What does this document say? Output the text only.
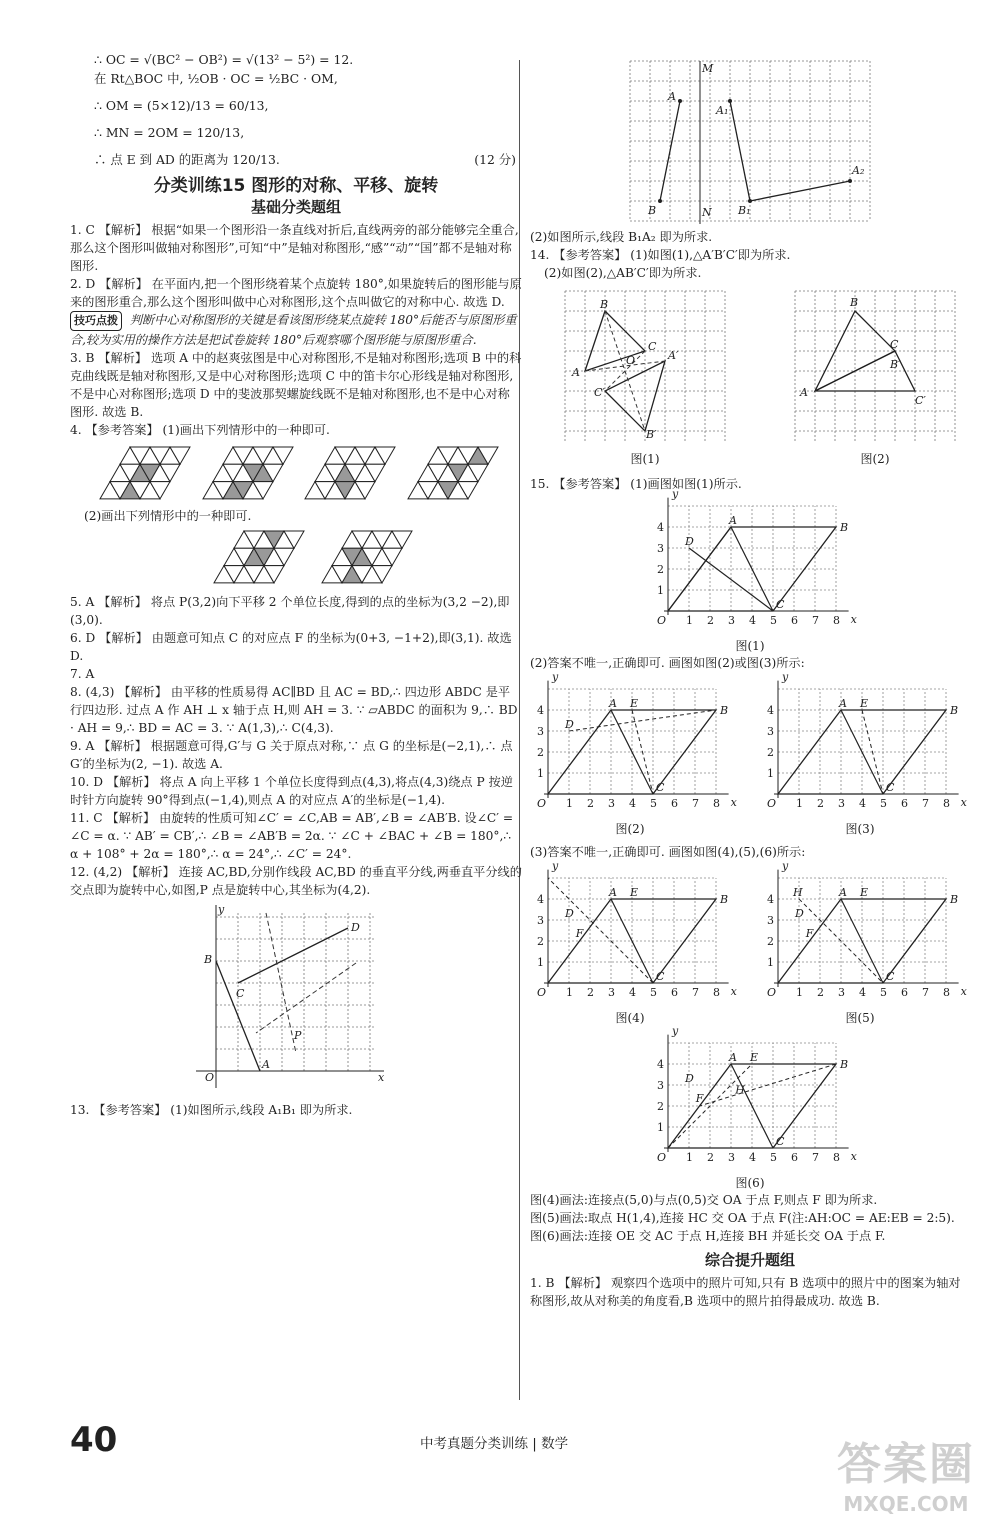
∴ OC = √(BC² − OB²) = √(13² − 5²) = 12.

在 Rt△BOC 中, ½OB · OC = ½BC · OM,

∴ OM = (5×12)/13 = 60/13,

∴ MN = 2OM = 120/13,

∴ 点 E 到 AD 的距离为 120/13.	(12 分)

分类训练15 图形的对称、平移、旋转

基础分类题组

1. C 【解析】 根据“如果一个图形沿一条直线对折后,直线两旁的部分能够完全重合,那么这个图形叫做轴对称图形”,可知“中”是轴对称图形,“感”“动”“国”都不是轴对称图形.

2. D 【解析】 在平面内,把一个图形绕着某个点旋转 180°,如果旋转后的图形能与原来的图形重合,那么这个图形叫做中心对称图形,这个点叫做它的对称中心. 故选 D.

技巧点拨 判断中心对称图形的关键是看该图形绕某点旋转 180°后能否与原图形重合,较为实用的操作方法是把试卷旋转 180°后观察哪个图形能与原图形重合.

3. B 【解析】 选项 A 中的赵爽弦图是中心对称图形,不是轴对称图形;选项 B 中的科克曲线既是轴对称图形,又是中心对称图形;选项 C 中的笛卡尔心形线是轴对称图形,不是中心对称图形;选项 D 中的斐波那契螺旋线既不是轴对称图形,也不是中心对称图形. 故选 B.

4. 【参考答案】 (1)画出下列情形中的一种即可.

(2)画出下列情形中的一种即可.

5. A 【解析】 将点 P(3,2)向下平移 2 个单位长度,得到的点的坐标为(3,2 −2),即(3,0).

6. D 【解析】 由题意可知点 C 的对应点 F 的坐标为(0+3, −1+2),即(3,1). 故选 D.

7. A

8. (4,3) 【解析】 由平移的性质易得 AC∥BD 且 AC = BD,∴ 四边形 ABDC 是平行四边形. 过点 A 作 AH ⊥ x 轴于点 H,则 AH = 3. ∵ ▱ABDC 的面积为 9,∴ BD · AH = 9,∴ BD = AC = 3. ∵ A(1,3),∴ C(4,3).

9. A 【解析】 根据题意可得,G′与 G 关于原点对称,∵ 点 G 的坐标是(−2,1),∴ 点 G′的坐标为(2, −1). 故选 A.

10. D 【解析】 将点 A 向上平移 1 个单位长度得到点(4,3),将点(4,3)绕点 P 按逆时针方向旋转 90°得到点(−1,4),则点 A 的对应点 A′的坐标是(−1,4).

11. C 【解析】 由旋转的性质可知∠C′ = ∠C,AB = AB′,∠B = ∠AB′B. 设∠C′ = ∠C = α. ∵ AB′ = CB′,∴ ∠B = ∠AB′B = 2α. ∵ ∠C + ∠BAC + ∠B = 180°,∴ α + 108° + 2α = 180°,∴ α = 24°,∴ ∠C′ = 24°.

12. (4,2) 【解析】 连接 AC,BD,分别作线段 AC,BD 的垂直平分线,两垂直平分线的交点即为旋转中心,如图,P 点是旋转中心,其坐标为(4,2).

y
x
B
C
D
A
P
O

13. 【参考答案】 (1)如图所示,线段 A₁B₁ 即为所求.

A
B
M
N
A₁
B₁
A₂

(2)如图所示,线段 B₁A₂ 即为所求.

14. 【参考答案】 (1)如图(1),△A′B′C′即为所求.

(2)如图(2),△AB′C′即为所求.

B
C
A
O	A′
C′
B′

图(1)

B
C
B′
A
C′

图(2)

15. 【参考答案】 (1)画图如图(1)所示.

1 2 3 4 5 6 7 8
1
2
3
4
O	x
y
A
B
C
D

图(1)

(2)答案不唯一,正确即可. 画图如图(2)或图(3)所示:

1 2 3 4 5 6 7 8
1
2
3
4
O	x
y
A
B
C
D
E

图(2)

1 2 3 4 5 6 7 8
1
2
3
4
O	x
y
A
B
C
E

图(3)

(3)答案不唯一,正确即可. 画图如图(4),(5),(6)所示:

1 2 3 4 5 6 7 8
1
2
3
4
O	x
y
A
B
C
D
E
F

图(4)

1 2 3 4 5 6 7 8
1
2
3
4
O	x
y
A
B
C
D
E
F
H

图(5)

1 2 3 4 5 6 7 8
1
2
3
4
O	x
y
A
B
C
D
E
F
H

图(6)

图(4)画法:连接点(5,0)与点(0,5)交 OA 于点 F,则点 F 即为所求.

图(5)画法:取点 H(1,4),连接 HC 交 OA 于点 F(注:AH:OC = AE:EB = 2:5).

图(6)画法:连接 OE 交 AC 于点 H,连接 BH 并延长交 OA 于点 F.

综合提升题组

1. B 【解析】 观察四个选项中的照片可知,只有 B 选项中的照片中的图案为轴对称图形,故从对称美的角度看,B 选项中的照片拍得最成功. 故选 B.

40	中考真题分类训练 | 数学	答案圈
MXQE.COM
